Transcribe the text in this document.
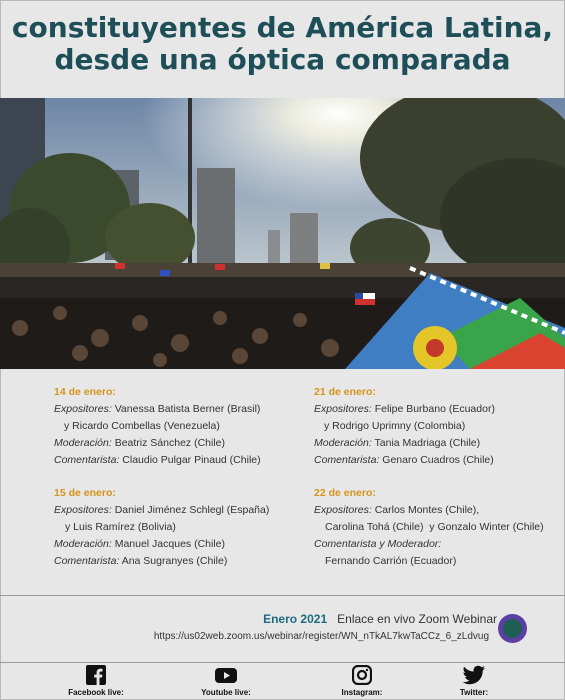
constituyentes de América Latina,
desde una óptica comparada
14 de enero:
Expositores: Vanessa Batista Berner (Brasil)
y Ricardo Combellas (Venezuela)
Moderación: Beatriz Sánchez (Chile)
Comentarista: Claudio Pulgar Pinaud (Chile)
15 de enero:
Expositores: Daniel Jiménez Schlegl (España)
y Luis Ramírez (Bolivia)
Moderación: Manuel Jacques (Chile)
Comentarista: Ana Sugranyes (Chile)
21 de enero:
Expositores: Felipe Burbano (Ecuador)
y Rodrigo Uprimny (Colombia)
Moderación: Tania Madriaga (Chile)
Comentarista: Genaro Cuadros (Chile)
22 de enero:
Expositores: Carlos Montes (Chile),
Carolina Tohá (Chile)  y Gonzalo Winter (Chile)
Comentarista y Moderador:
Fernando Carrión (Ecuador)
Enero 2021 Enlace en vivo Zoom Webinar
https://us02web.zoom.us/webinar/register/WN_nTkAL7kwTaCCz_6_zLdvug
Facebook live:	Youtube live:	Instagram:	Twitter:
